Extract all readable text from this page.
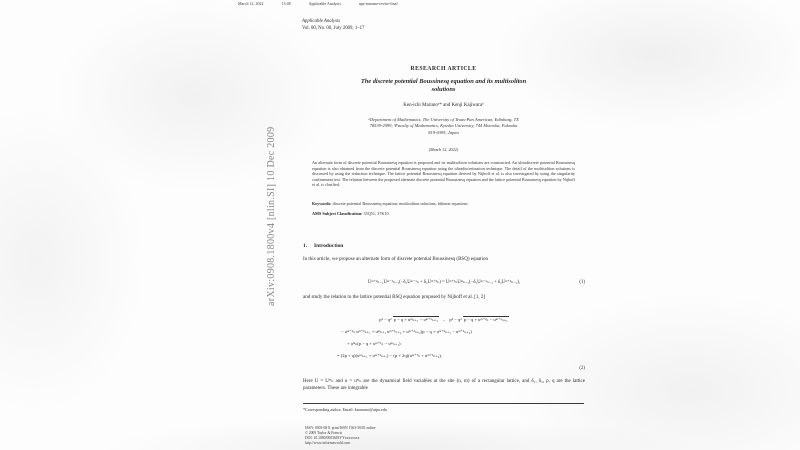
March 12, 2022	13:48	Applicable Analysis	apa-maruno-revise-final
arXiv:0908.1800v4 [nlin.SI] 10 Dec 2009
Applicable Analysis
Vol. 00, No. 00, July 2009, 1–17
RESEARCH ARTICLE
The discrete potential Boussinesq equation and its multisoliton
solutions
Ken-ichi Marunoᵃ* and Kenji Kajiwaraᵇ
ᵃDepartment of Mathematics, The University of Texas-Pan American, Edinburg, TX
78539-2999; ᵇFaculty of Mathematics, Kyushu University, 744 Motooka, Fukuoka
819-0395, Japan
(March 12, 2022)
An alternate form of discrete potential Boussinesq equation is proposed and its multisoliton solutions are constructed. An ultradiscrete potential Boussinesq equation is also obtained from the discrete potential Boussinesq equation using the ultradiscretization technique. The detail of the multisoliton solutions is discussed by using the reduction technique. The lattice potential Boussinesq equation derived by Nijhoff et al. is also investigated by using the singularity confinement test. The relation between the proposed alternate discrete potential Boussinesq equation and the lattice potential Boussinesq equation by Nijhoff et al. is clarified.
Keywords: discrete potential Boussinesq equation; multisoliton solutions; bilinear equations
AMS Subject Classification: 35Q51; 37K10
1. Introduction
In this article, we propose an alternate form of discrete potential Boussinesq (BSQ) equation
Uᵐ⁺²ₙ₋₁Uᵐ⁻¹ₙ₋₁(−δ₁Uᵐ⁻¹ₙ + δ₂Uᵐ⁺²ₙ) = Uᵐ⁺¹ₙUᵐₙ₋₁(−δ₁Uᵐ⁻¹ₙ₋₁ + δ₂Uᵐ⁺²ₙ₋₁),	(1)
and study the relation to the lattice potential BSQ equation proposed by Nijhoff et al. [1, 2]
p³ − q³ p − q + uᵐₙ₊₁ − uᵐ⁺¹ₙ₊₂ − p³ − q³ p − q + uᵐ⁺²ₙ − uᵐ⁺¹ₙ₊₁
− uᵐ⁺¹ₙ uᵐ⁺²ₙ₊₁ + uᵐₙ₊₁ uᵐ⁺¹ₙ₊₂ + uᵐ⁺²ₙ₊₂(p − q + uᵐ⁺²ₙ₊₁ − uᵐ⁺¹ₙ₊₂)
+ uᵐₙ(p − q + uᵐ⁺¹ₙ − uᵐₙ₊₁)
= (2p + q)(uᵐₙ₊₁ + uᵐ⁺²ₙ₊₁) − (p + 2q)(uᵐ⁺¹ₙ + uᵐ⁺¹ₙ₊₂),
(2)
Here U = Uᵐₙ and u = uᵐₙ are the dynamical field variables at the site (n, m) of a rectangular lattice, and δ₁, δ₂, p, q are the lattice parameters. These are integrable
*Corresponding author. Email: kmaruno@utpa.edu
ISSN: 0003-6811 print/ISSN 1563-504X online
© 2009 Taylor & Francis
DOI: 10.1080/0003681YYxxxxxxxx
http://www.informaworld.com
